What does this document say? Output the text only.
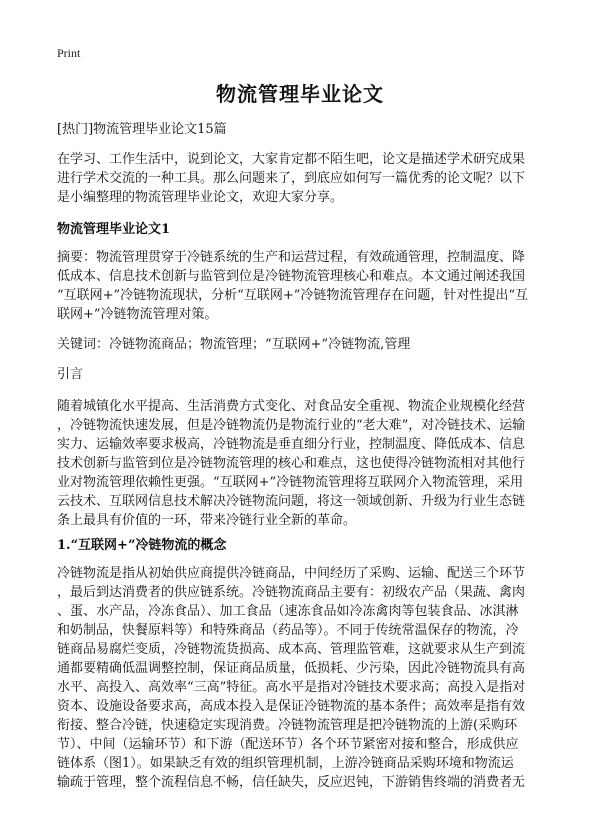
Print
物流管理毕业论文
[热门]物流管理毕业论文15篇
在学习、工作生活中，说到论文，大家肯定都不陌生吧，论文是描述学术研究成果
进行学术交流的一种工具。那么问题来了，到底应如何写一篇优秀的论文呢？以下
是小编整理的物流管理毕业论文，欢迎大家分享。
物流管理毕业论文1
摘要：物流管理贯穿于冷链系统的生产和运营过程，有效疏通管理，控制温度、降
低成本、信息技术创新与监管到位是冷链物流管理核心和难点。本文通过阐述我国
“互联网+”冷链物流现状，分析“互联网+”冷链物流管理存在问题，针对性提出“互
联网+”冷链物流管理对策。
关键词：冷链物流商品；物流管理；“互联网+”冷链物流,管理
引言
随着城镇化水平提高、生活消费方式变化、对食品安全重视、物流企业规模化经营
，冷链物流快速发展，但是冷链物流仍是物流行业的“老大难”，对冷链技术、运输
实力、运输效率要求极高，冷链物流是垂直细分行业，控制温度、降低成本、信息
技术创新与监管到位是冷链物流管理的核心和难点，这也使得冷链物流相对其他行
业对物流管理依赖性更强。“互联网+”冷链物流管理将互联网介入物流管理，采用
云技术、互联网信息技术解决冷链物流问题，将这一领域创新、升级为行业生态链
条上最具有价值的一环，带来冷链行业全新的革命。
1.“互联网+”冷链物流的概念
冷链物流是指从初始供应商提供冷链商品，中间经历了采购、运输、配送三个环节
，最后到达消费者的供应链系统。冷链物流商品主要有：初级农产品（果蔬、禽肉
、蛋、水产品，冷冻食品）、加工食品（速冻食品如冷冻禽肉等包装食品、冰淇淋
和奶制品，快餐原料等）和特殊商品（药品等）。不同于传统常温保存的物流，冷
链商品易腐烂变质，冷链物流货损高、成本高、管理监管难，这就要求从生产到流
通都要精确低温调整控制，保证商品质量，低损耗、少污染，因此冷链物流具有高
水平、高投入、高效率“三高”特征。高水平是指对冷链技术要求高；高投入是指对
资本、设施设备要求高，高成本投入是保证冷链物流的基本条件；高效率是指有效
衔接、整合冷链，快速稳定实现消费。冷链物流管理是把冷链物流的上游(采购环
节）、中间（运输环节）和下游（配送环节）各个环节紧密对接和整合，形成供应
链体系（图1）。如果缺乏有效的组织管理机制，上游冷链商品采购环境和物流运
输疏于管理，整个流程信息不畅，信任缺失，反应迟钝，下游销售终端的消费者无
